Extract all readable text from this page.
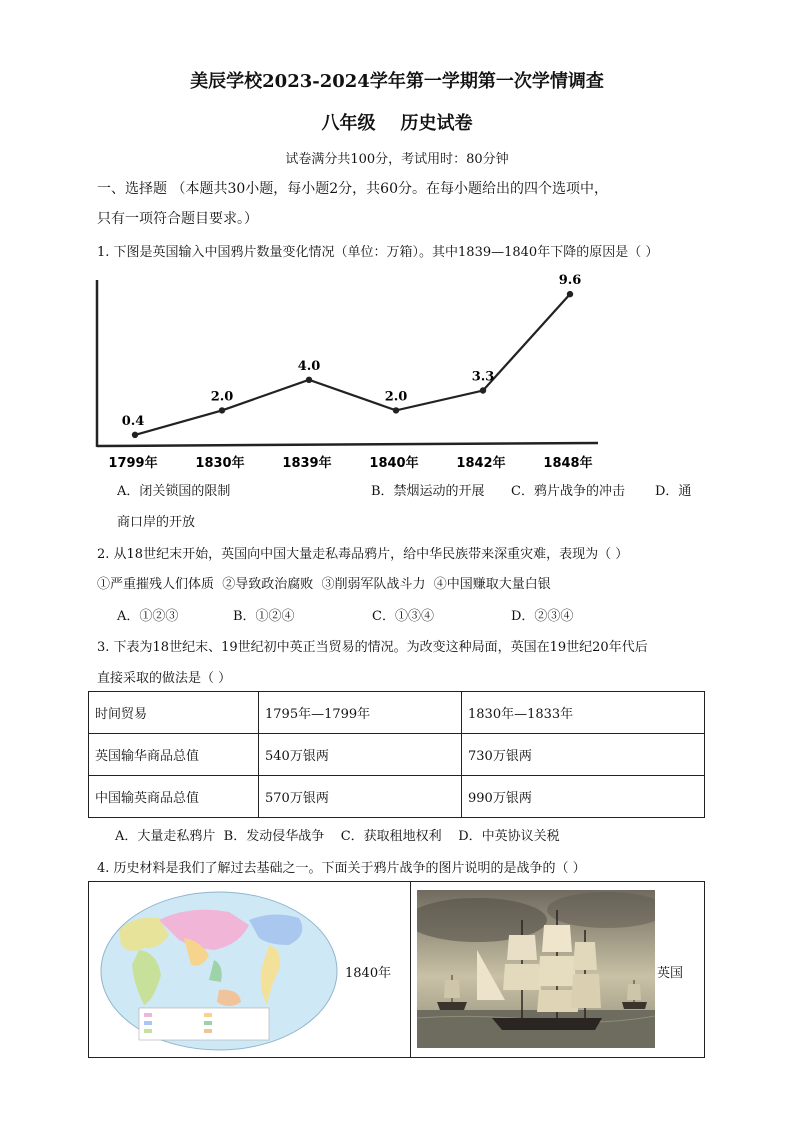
美辰学校2023-2024学年第一学期第一次学情调查
八年级    历史试卷
试卷满分共100分，考试用时：80分钟
一、选择题 （本题共30小题，每小题2分，共60分。在每小题给出的四个选项中，
只有一项符合题目要求。）
1. 下图是英国输入中国鸦片数量变化情况（单位：万箱）。其中1839—1840年下降的原因是（ ）
0.4
2.0
4.0
2.0
3.3
9.6
1799年	1830年	1839年	1840年	1842年	1848年
A．闭关锁国的限制	B．禁烟运动的开展 C．鸦片战争的冲击 D．通
商口岸的开放
2. 从18世纪末开始，英国向中国大量走私毒品鸦片，给中华民族带来深重灾难，表现为（ ）
①严重摧残人们体质  ②导致政治腐败  ③削弱军队战斗力  ④中国赚取大量白银
A．①②③	B．①②④	C．①③④	D．②③④
3. 下表为18世纪末、19世纪初中英正当贸易的情况。为改变这种局面，英国在19世纪20年代后
直接采取的做法是（ ）
时间贸易	1795年—1799年	1830年—1833年
英国输华商品总值	540万银两	730万银两
中国输英商品总值	570万银两	990万银两
A．大量走私鸦片  B．发动侵华战争    C．获取租地权利    D．中英协议关税
4. 历史材料是我们了解过去基础之一。下面关于鸦片战争的图片说明的是战争的（ ）
1840年	英国
